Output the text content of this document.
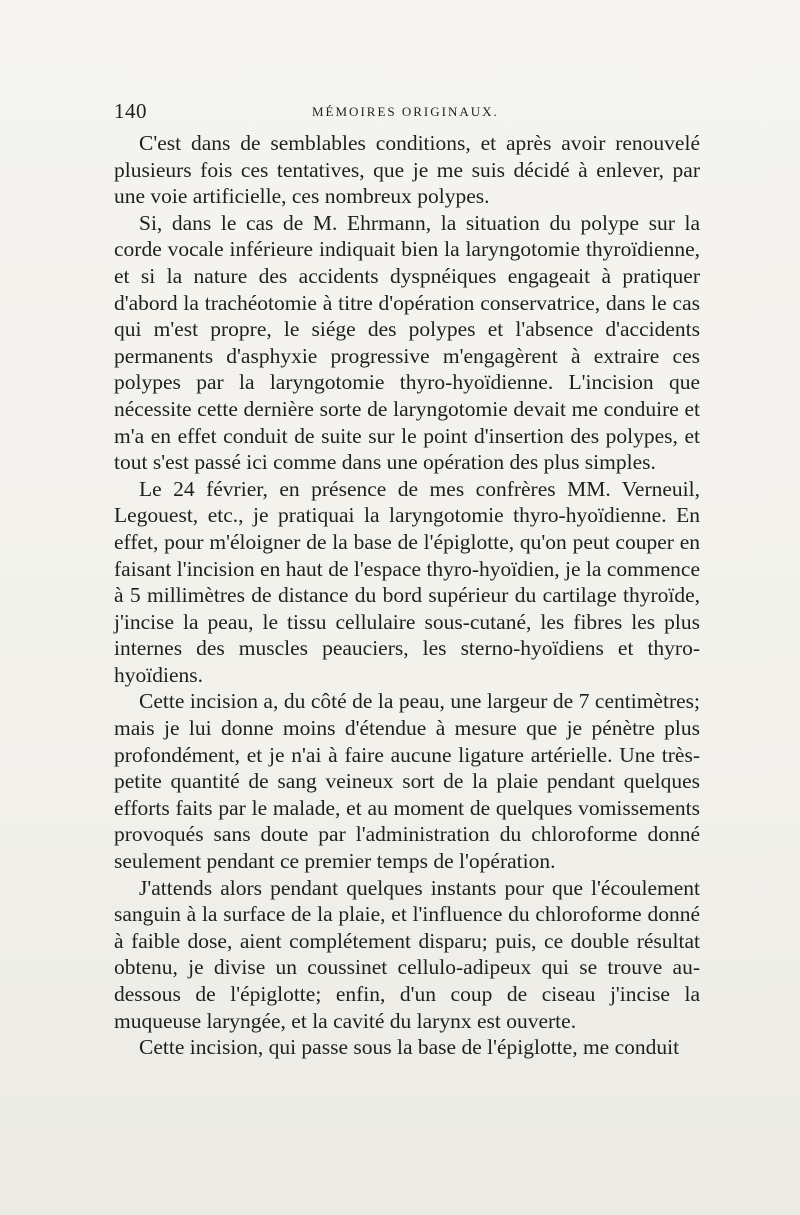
140	MÉMOIRES ORIGINAUX.

C'est dans de semblables conditions, et après avoir renouvelé plusieurs fois ces tentatives, que je me suis décidé à enlever, par une voie artificielle, ces nombreux polypes.

Si, dans le cas de M. Ehrmann, la situation du polype sur la corde vocale inférieure indiquait bien la laryngotomie thyroïdienne, et si la nature des accidents dyspnéiques engageait à pratiquer d'abord la trachéotomie à titre d'opération conservatrice, dans le cas qui m'est propre, le siége des polypes et l'absence d'accidents permanents d'asphyxie progressive m'engagèrent à extraire ces polypes par la laryngotomie thyro-hyoïdienne. L'incision que nécessite cette dernière sorte de laryngotomie devait me conduire et m'a en effet conduit de suite sur le point d'insertion des polypes, et tout s'est passé ici comme dans une opération des plus simples.

Le 24 février, en présence de mes confrères MM. Verneuil, Legouest, etc., je pratiquai la laryngotomie thyro-hyoïdienne. En effet, pour m'éloigner de la base de l'épiglotte, qu'on peut couper en faisant l'incision en haut de l'espace thyro-hyoïdien, je la commence à 5 millimètres de distance du bord supérieur du cartilage thyroïde, j'incise la peau, le tissu cellulaire sous-cutané, les fibres les plus internes des muscles peauciers, les sterno-hyoïdiens et thyro-hyoïdiens.

Cette incision a, du côté de la peau, une largeur de 7 centimètres; mais je lui donne moins d'étendue à mesure que je pénètre plus profondément, et je n'ai à faire aucune ligature artérielle. Une très-petite quantité de sang veineux sort de la plaie pendant quelques efforts faits par le malade, et au moment de quelques vomissements provoqués sans doute par l'administration du chloroforme donné seulement pendant ce premier temps de l'opération.

J'attends alors pendant quelques instants pour que l'écoulement sanguin à la surface de la plaie, et l'influence du chloroforme donné à faible dose, aient complétement disparu; puis, ce double résultat obtenu, je divise un coussinet cellulo-adipeux qui se trouve au-dessous de l'épiglotte; enfin, d'un coup de ciseau j'incise la muqueuse laryngée, et la cavité du larynx est ouverte.

Cette incision, qui passe sous la base de l'épiglotte, me conduit
